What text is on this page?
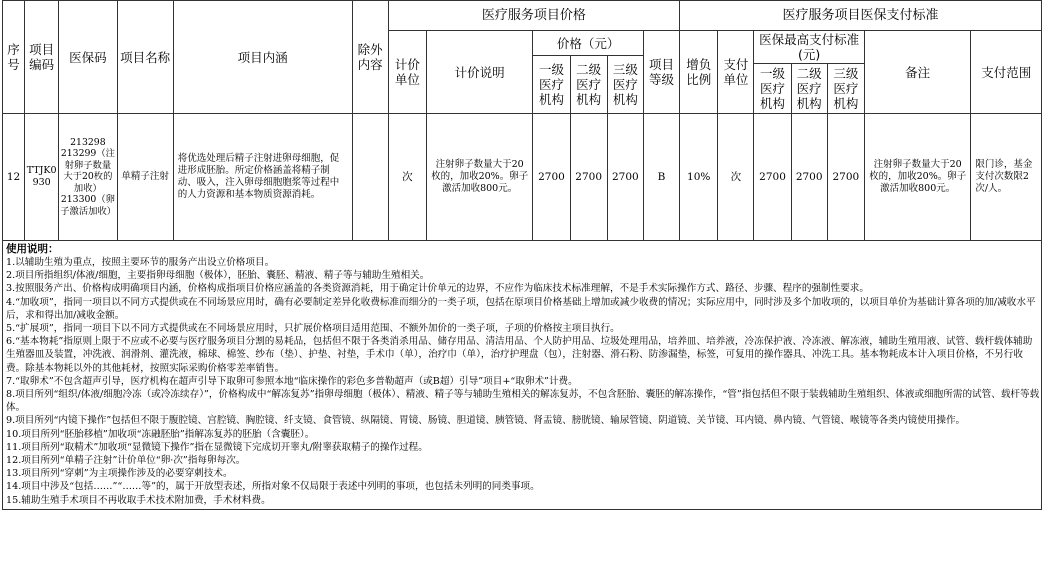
序号	项目编码	医保码	项目名称	项目内涵	除外内容	医疗服务项目价格						医疗服务项目医保支付标准						
						计价单位	计价说明	价格（元）			项目等级	增负比例	支付单位	医保最高支付标准(元)			备注	支付范围
								一级医疗机构	二级医疗机构	三级医疗机构								
														一级医疗机构	二级医疗机构	三级医疗机构		
12	TTJK0930	213298 213299（注射卵子数量大于20枚的加收）213300（卵子激活加收）	单精子注射	将优选处理后精子注射进卵母细胞，促进形成胚胎。所定价格涵盖将精子制动、吸入，注入卵母细胞胞浆等过程中的人力资源和基本物质资源消耗。		次	注射卵子数量大于20枚的，加收20%。卵子激活加收800元。	2700	2700	2700	B	10%	次	2700	2700	2700	注射卵子数量大于20枚的，加收20%。卵子激活加收800元。	限门诊，基金支付次数限2次/人。
使用说明：
1.以辅助生殖为重点，按照主要环节的服务产出设立价格项目。
2.项目所指组织/体液/细胞，主要指卵母细胞（极体），胚胎、囊胚、精液、精子等与辅助生殖相关。
3.按照服务产出、价格构成明确项目内涵，价格构成指项目价格应涵盖的各类资源消耗，用于确定计价单元的边界，不应作为临床技术标准理解，不是手术实际操作方式、路径、步骤、程序的强制性要求。
4.“加收项”，指同一项目以不同方式提供或在不同场景应用时，确有必要制定差异化收费标准而细分的一类子项，包括在原项目价格基础上增加或减少收费的情况；实际应用中，同时涉及多个加收项的，以项目单价为基础计算各项的加/减收水平后，求和得出加/减收金额。
5.“扩展项”，指同一项目下以不同方式提供或在不同场景应用时，只扩展价格项目适用范围、不额外加价的一类子项，子项的价格按主项目执行。
6.“基本物耗”指原则上限于不应或不必要与医疗服务项目分割的易耗品，包括但不限于各类消杀用品、储存用品、清洁用品、个人防护用品、垃圾处理用品，培养皿、培养液，冷冻保护液、冷冻液、解冻液，辅助生殖用液、试管、载杆载体辅助生殖器皿及装置，冲洗液、润滑剂、灌洗液，棉球、棉签、纱布（垫）、护垫、衬垫，手术巾（单），治疗巾（单），治疗护理盘（包），注射器、滑石粉、防渗漏垫，标签，可复用的操作器具、冲洗工具。基本物耗成本计入项目价格，不另行收费。除基本物耗以外的其他耗材，按照实际采购价格零差率销售。
7.“取卵术”不包含超声引导，医疗机构在超声引导下取卵可参照本地“临床操作的彩色多普勒超声（或B超）引导”项目+“取卵术”计费。
8.项目所列“组织/体液/细胞冷冻（或冷冻续存）”，价格构成中“解冻复苏”指卵母细胞（极体）、精液、精子等与辅助生殖相关的解冻复苏，不包含胚胎、囊胚的解冻操作，“管”指包括但不限于装载辅助生殖组织、体液或细胞所需的试管、载杆等载体。
9.项目所列“内镜下操作”包括但不限于腹腔镜、宫腔镜、胸腔镜、纤支镜、食管镜、纵隔镜、胃镜、肠镜、胆道镜、胰管镜、肾盂镜、膀胱镜、输尿管镜、阴道镜、关节镜、耳内镜、鼻内镜、气管镜、喉镜等各类内镜使用操作。
10.项目所列“胚胎移植”加收项“冻融胚胎”指解冻复苏的胚胎（含囊胚）。
11.项目所列“取精术”加收项“显微镜下操作”指在显微镜下完成切开睾丸/附睾获取精子的操作过程。
12.项目所列“单精子注射”计价单位“卵·次”指每卵每次。
13.项目所列“穿刺”为主项操作涉及的必要穿刺技术。
14.项目中涉及“包括……”“……等”的，属于开放型表述，所指对象不仅局限于表述中列明的事项，也包括未列明的同类事项。
15.辅助生殖手术项目不再收取手术技术附加费，手术材料费。
